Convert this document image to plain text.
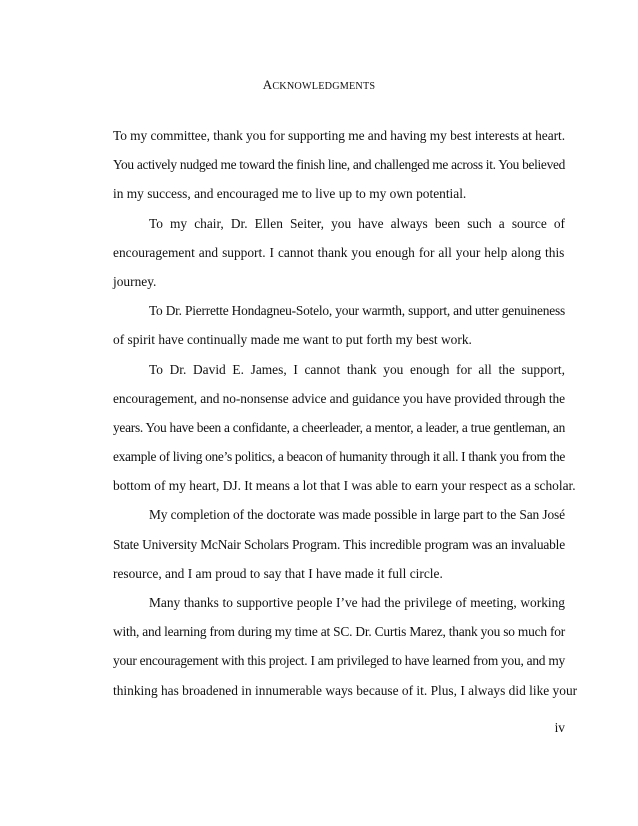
ACKNOWLEDGMENTS
To my committee, thank you for supporting me and having my best interests at heart.
You actively nudged me toward the finish line, and challenged me across it. You believed
in my success, and encouraged me to live up to my own potential.
To my chair, Dr. Ellen Seiter, you have always been such a source of
encouragement and support. I cannot thank you enough for all your help along this
journey.
To Dr. Pierrette Hondagneu-Sotelo, your warmth, support, and utter genuineness
of spirit have continually made me want to put forth my best work.
To Dr. David E. James, I cannot thank you enough for all the support,
encouragement, and no-nonsense advice and guidance you have provided through the
years. You have been a confidante, a cheerleader, a mentor, a leader, a true gentleman, an
example of living one’s politics, a beacon of humanity through it all. I thank you from the
bottom of my heart, DJ. It means a lot that I was able to earn your respect as a scholar.
My completion of the doctorate was made possible in large part to the San José
State University McNair Scholars Program. This incredible program was an invaluable
resource, and I am proud to say that I have made it full circle.
Many thanks to supportive people I’ve had the privilege of meeting, working
with, and learning from during my time at SC. Dr. Curtis Marez, thank you so much for
your encouragement with this project. I am privileged to have learned from you, and my
thinking has broadened in innumerable ways because of it. Plus, I always did like your
iv
